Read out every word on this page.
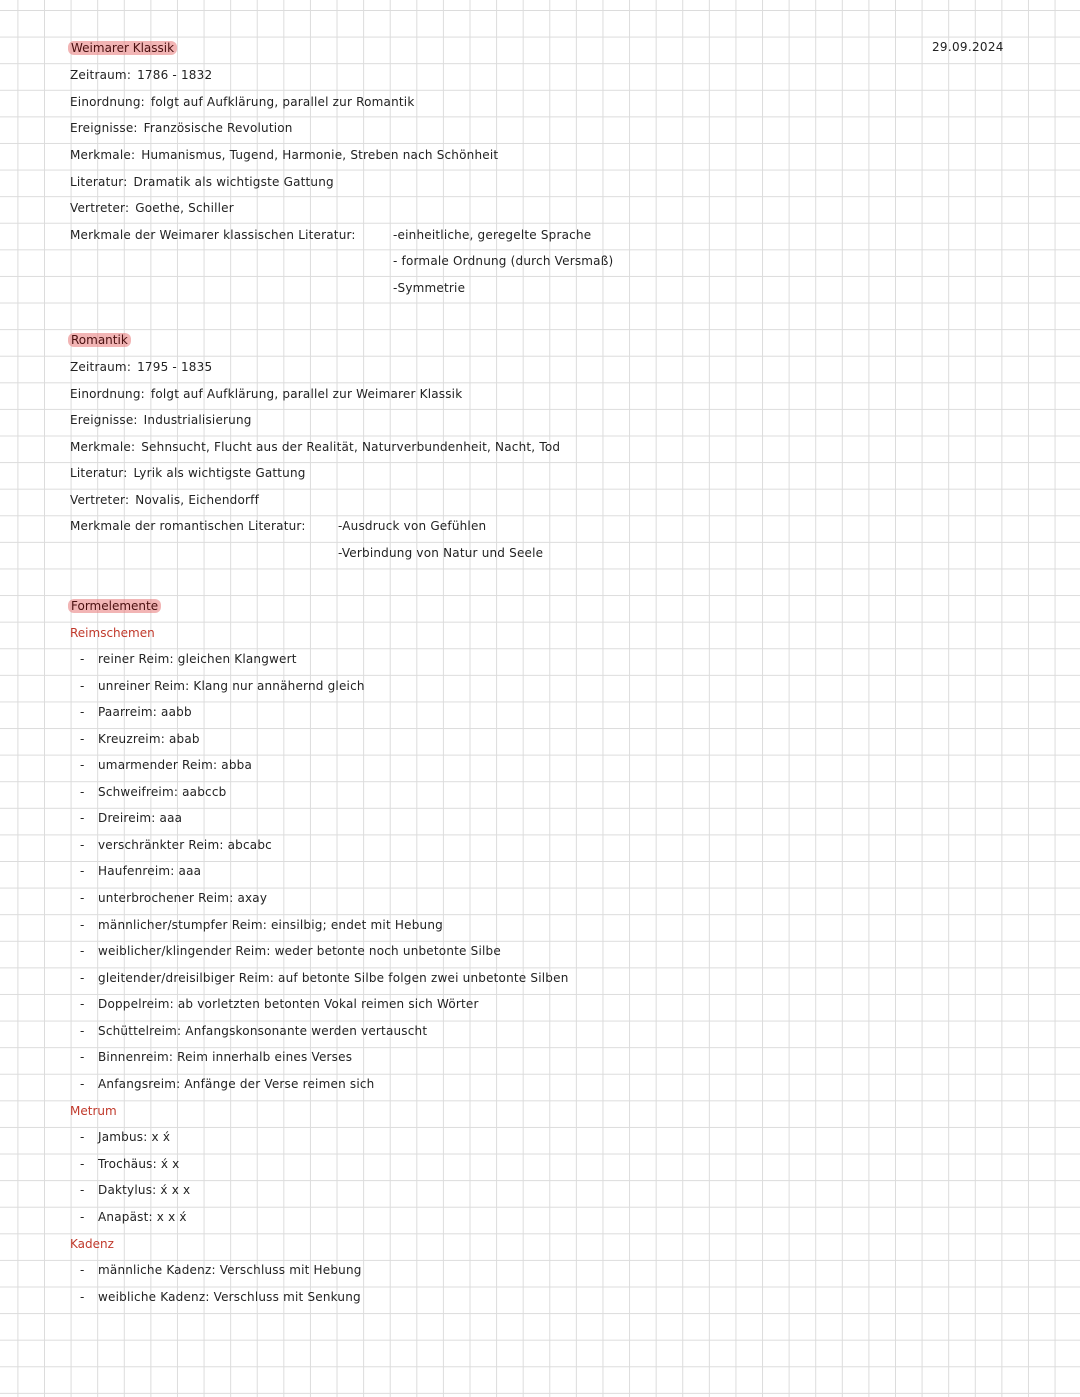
29.09.2024
Weimarer Klassik
Zeitraum: 1786 - 1832
Einordnung: folgt auf Aufklärung, parallel zur Romantik
Ereignisse: Französische Revolution
Merkmale: Humanismus, Tugend, Harmonie, Streben nach Schönheit
Literatur: Dramatik als wichtigste Gattung
Vertreter: Goethe, Schiller
Merkmale der Weimarer klassischen Literatur:	-einheitliche, geregelte Sprache
- formale Ordnung (durch Versmaß)
-Symmetrie
Romantik
Zeitraum: 1795 - 1835
Einordnung: folgt auf Aufklärung, parallel zur Weimarer Klassik
Ereignisse: Industrialisierung
Merkmale: Sehnsucht, Flucht aus der Realität, Naturverbundenheit, Nacht, Tod
Literatur: Lyrik als wichtigste Gattung
Vertreter: Novalis, Eichendorff
Merkmale der romantischen Literatur:	-Ausdruck von Gefühlen
-Verbindung von Natur und Seele
Formelemente
Reimschemen
- reiner Reim: gleichen Klangwert
- unreiner Reim: Klang nur annähernd gleich
- Paarreim: aabb
- Kreuzreim: abab
- umarmender Reim: abba
- Schweifreim: aabccb
- Dreireim: aaa
- verschränkter Reim: abcabc
- Haufenreim: aaa
- unterbrochener Reim: axay
- männlicher/stumpfer Reim: einsilbig; endet mit Hebung
- weiblicher/klingender Reim: weder betonte noch unbetonte Silbe
- gleitender/dreisilbiger Reim: auf betonte Silbe folgen zwei unbetonte Silben
- Doppelreim: ab vorletzten betonten Vokal reimen sich Wörter
- Schüttelreim: Anfangskonsonante werden vertauscht
- Binnenreim: Reim innerhalb eines Verses
- Anfangsreim: Anfänge der Verse reimen sich
Metrum
- Jambus: x x́
- Trochäus: x́ x
- Daktylus: x́ x x
- Anapäst: x x x́
Kadenz
- männliche Kadenz: Verschluss mit Hebung
- weibliche Kadenz: Verschluss mit Senkung
